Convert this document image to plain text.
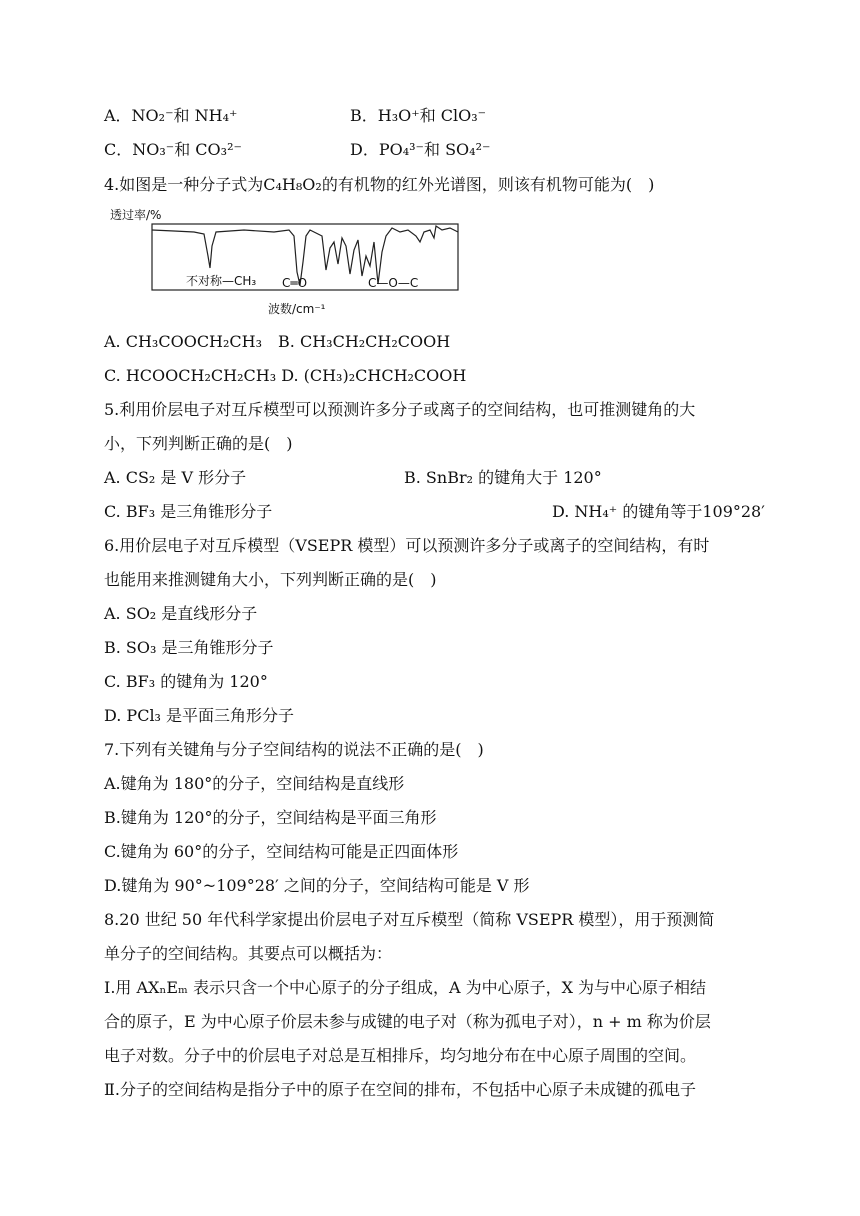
A．NO₂⁻和 NH₄⁺	B．H₃O⁺和 ClO₃⁻
C．NO₃⁻和 CO₃²⁻	D．PO₄³⁻和 SO₄²⁻
4.如图是一种分子式为C₄H₈O₂的有机物的红外光谱图，则该有机物可能为(　)
透过率/%
不对称—CH₃ C═O	C—O—C
波数/cm⁻¹
A. CH₃COOCH₂CH₃　B. CH₃CH₂CH₂COOH
C. HCOOCH₂CH₂CH₃ D. (CH₃)₂CHCH₂COOH
5.利用价层电子对互斥模型可以预测许多分子或离子的空间结构，也可推测键角的大
小，下列判断正确的是(　)
A. CS₂ 是 V 形分子	B. SnBr₂ 的键角大于 120°
C. BF₃ 是三角锥形分子	D. NH₄⁺ 的键角等于109°28′
6.用价层电子对互斥模型（VSEPR 模型）可以预测许多分子或离子的空间结构，有时
也能用来推测键角大小，下列判断正确的是(　)
A. SO₂ 是直线形分子
B. SO₃ 是三角锥形分子
C. BF₃ 的键角为 120°
D. PCl₃ 是平面三角形分子
7.下列有关键角与分子空间结构的说法不正确的是(　)
A.键角为 180°的分子，空间结构是直线形
B.键角为 120°的分子，空间结构是平面三角形
C.键角为 60°的分子，空间结构可能是正四面体形
D.键角为 90°~109°28′ 之间的分子，空间结构可能是 V 形
8.20 世纪 50 年代科学家提出价层电子对互斥模型（简称 VSEPR 模型），用于预测简
单分子的空间结构。其要点可以概括为：
Ⅰ.用 AXₙEₘ 表示只含一个中心原子的分子组成，A 为中心原子，X 为与中心原子相结
合的原子，E 为中心原子价层未参与成键的电子对（称为孤电子对），n + m 称为价层
电子对数。分子中的价层电子对总是互相排斥，均匀地分布在中心原子周围的空间。
Ⅱ.分子的空间结构是指分子中的原子在空间的排布，不包括中心原子未成键的孤电子
